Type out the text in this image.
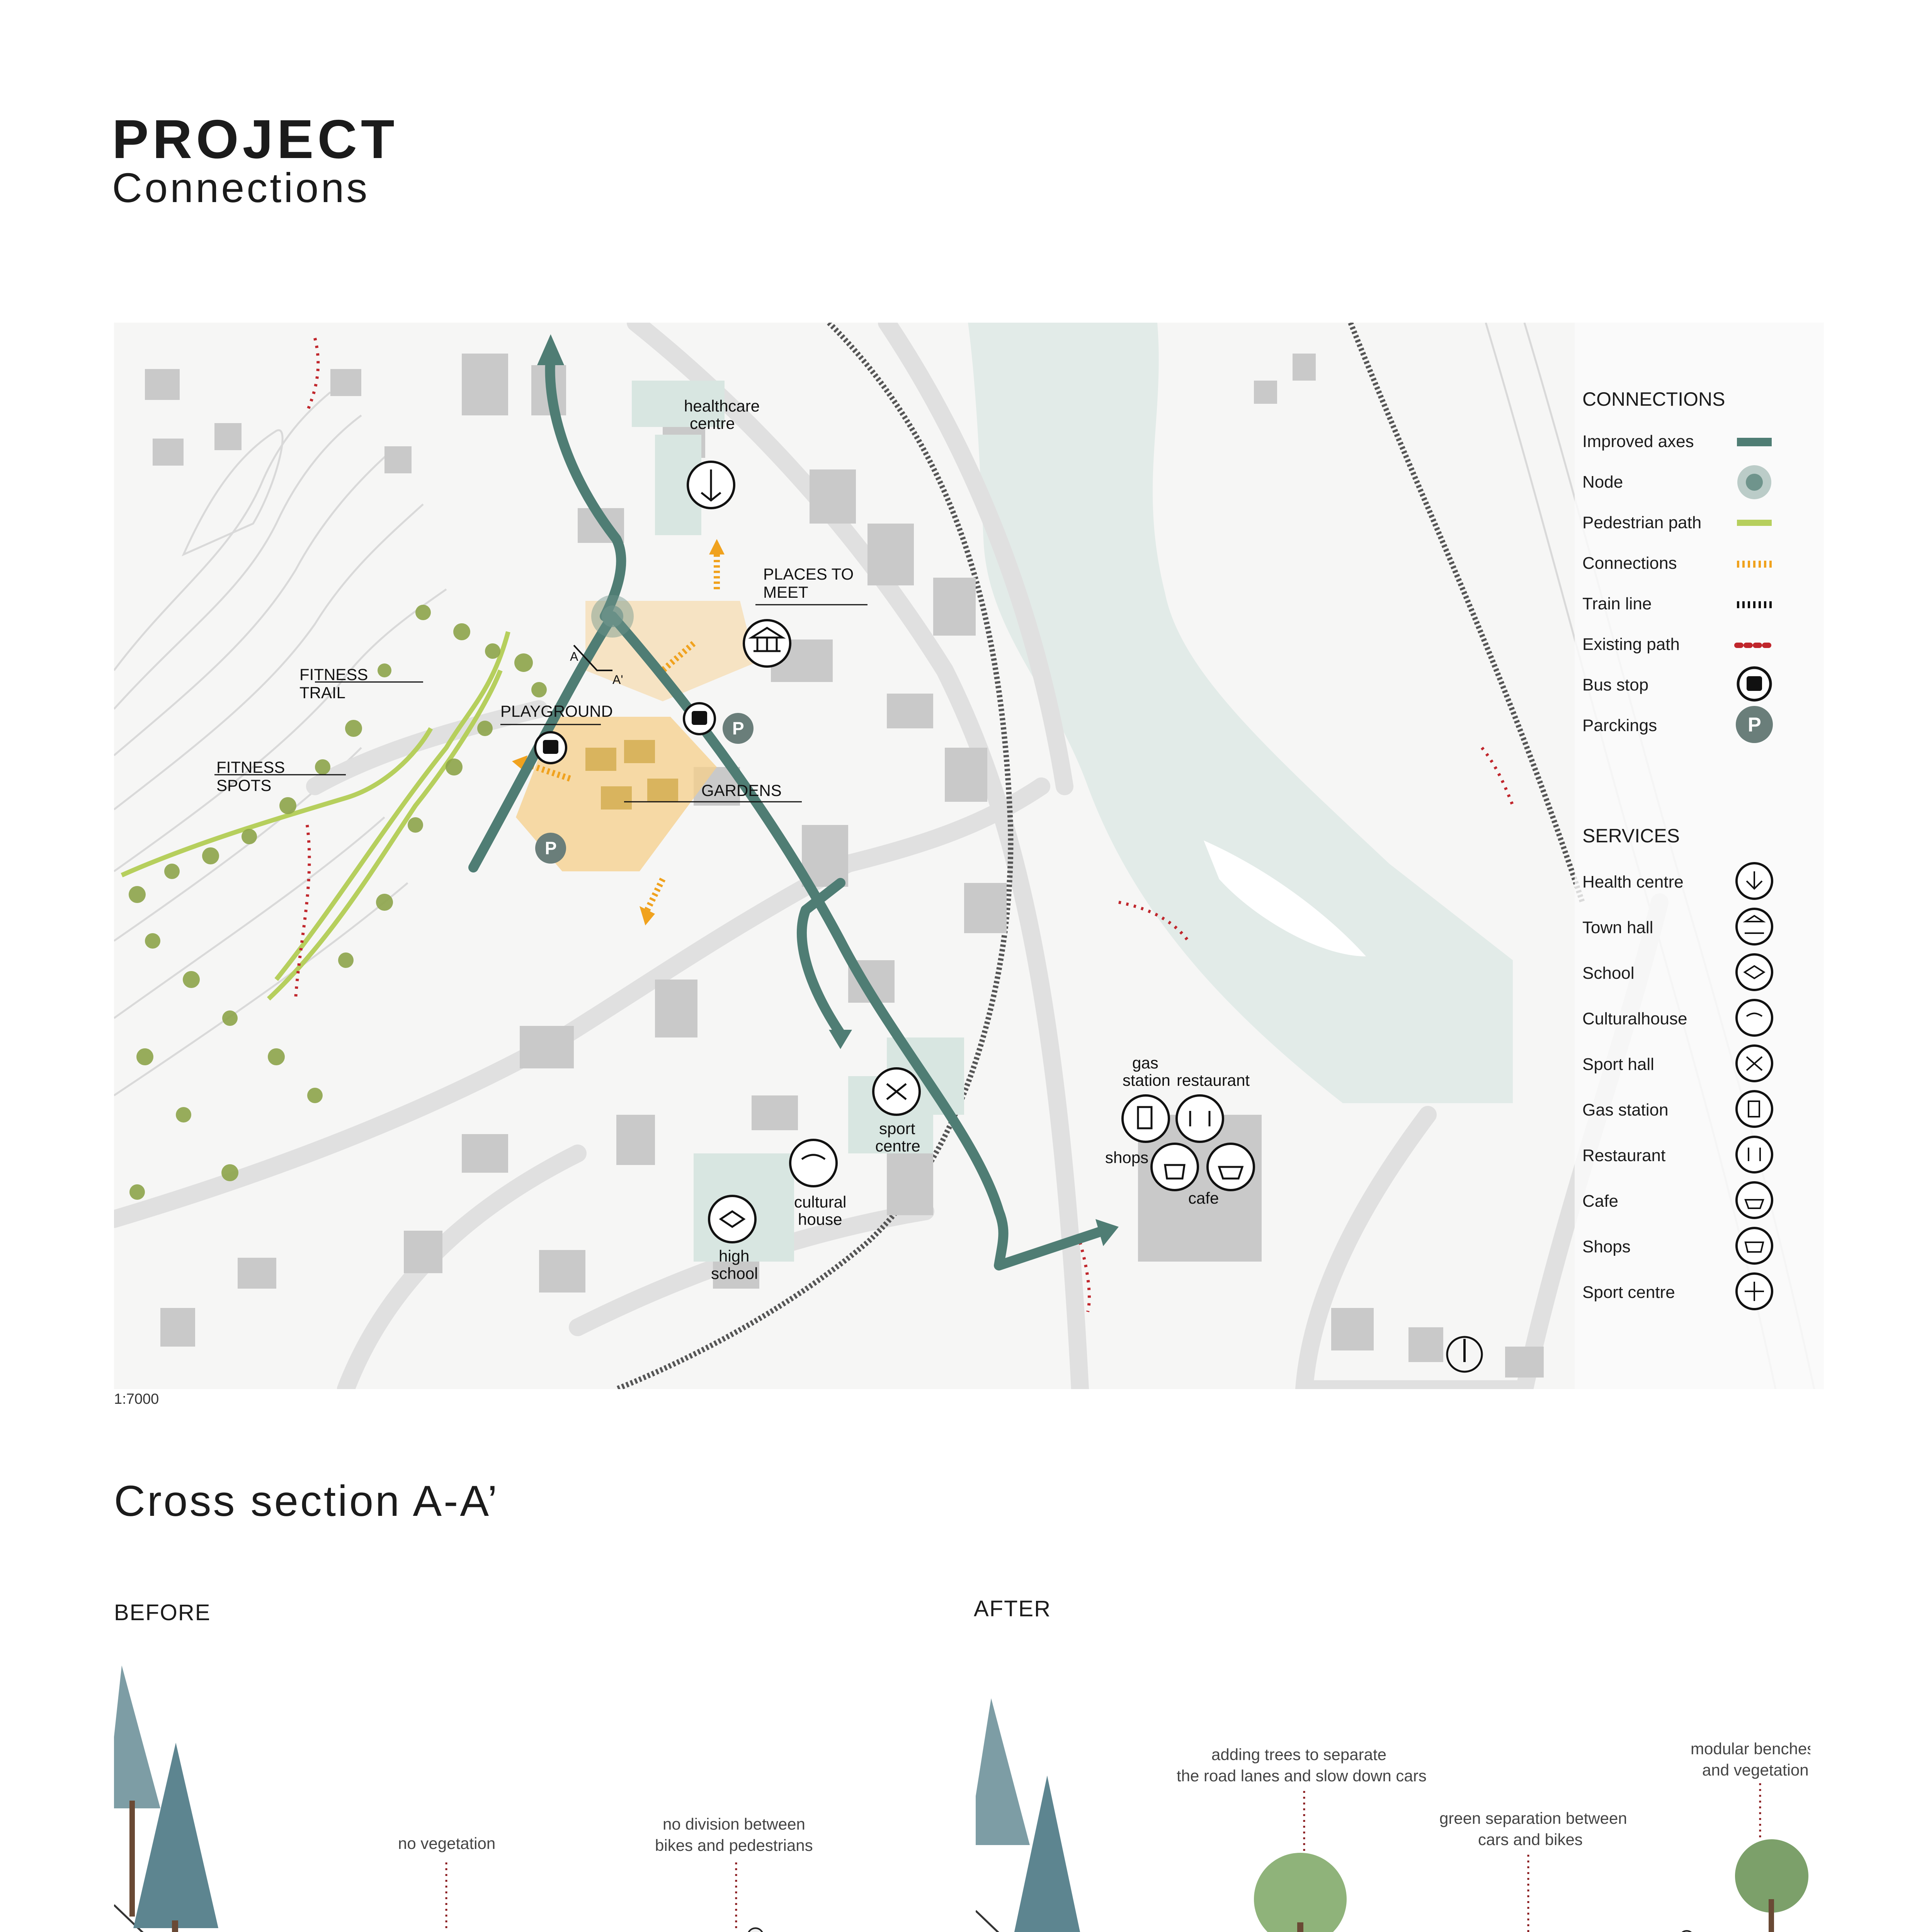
PROJECT
Connections
A
A'
P
P
healthcare
centre
PLACES TO
MEET
FITNESS
TRAIL
PLAYGROUND
FITNESS
SPOTS	GARDENS
sport
centre
cultural
house
high
school
gas
station restaurant
shops
cafe
CONNECTIONS
Improved axes
Node
Pedestrian path
Connections
Train line
Existing path
Bus stop
Parckings
SERVICES
Health centre
Town hall
School
Culturalhouse
Sport hall
Gas station
Restaurant
Cafe
Shops
Sport centre
P
1:7000
Cross section A-A’
BEFORE	AFTER
no vegetation
no division between
bikes and pedestrians
adding trees to separate
the road lanes and slow down cars
modular benches
and vegetation
green separation between
cars and bikes
